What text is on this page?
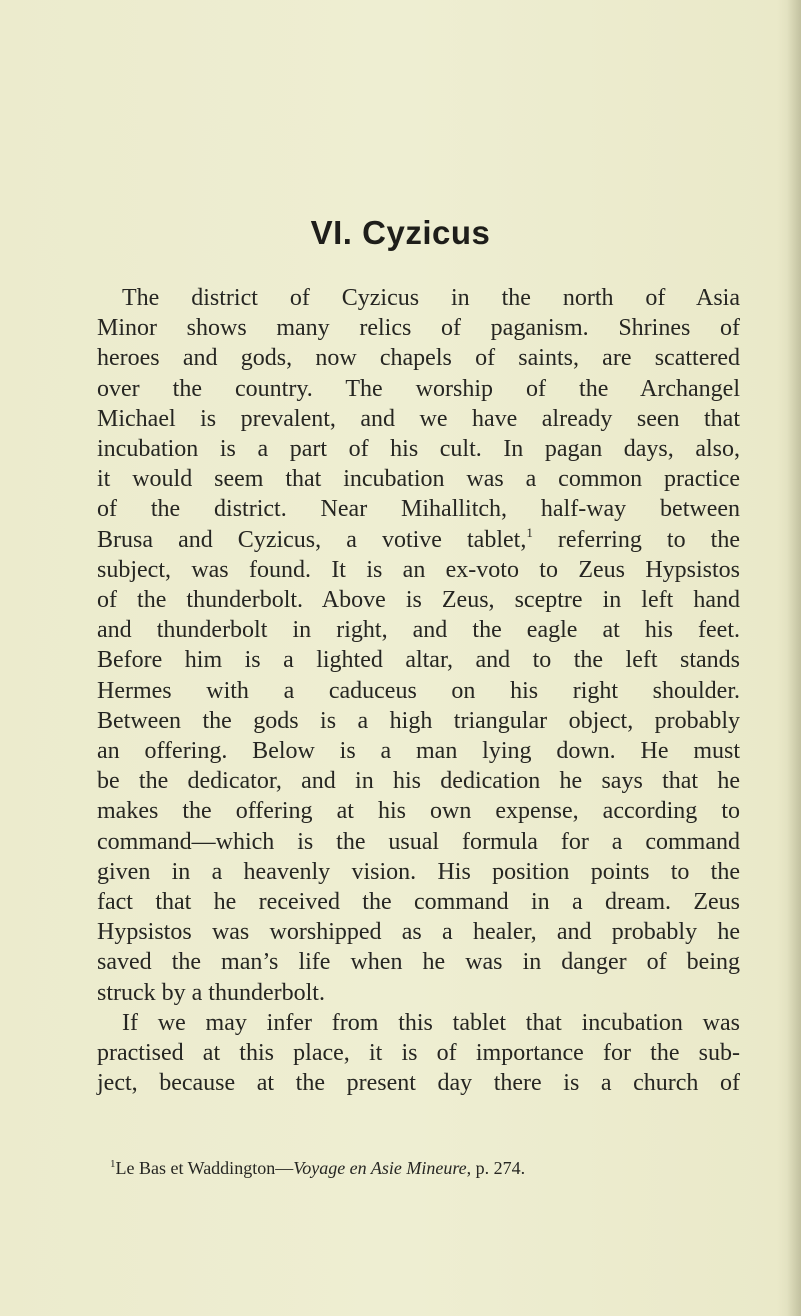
VI. Cyzicus
The district of Cyzicus in the north of Asia
Minor shows many relics of paganism. Shrines of
heroes and gods, now chapels of saints, are scattered
over the country. The worship of the Archangel
Michael is prevalent, and we have already seen that
incubation is a part of his cult. In pagan days, also,
it would seem that incubation was a common practice
of the district. Near Mihallitch, half-way between
Brusa and Cyzicus, a votive tablet,$^1$ referring to the
subject, was found. It is an ex-voto to Zeus Hypsistos
of the thunderbolt. Above is Zeus, sceptre in left hand
and thunderbolt in right, and the eagle at his feet.
Before him is a lighted altar, and to the left stands
Hermes with a caduceus on his right shoulder.
Between the gods is a high triangular object, probably
an offering. Below is a man lying down. He must
be the dedicator, and in his dedication he says that he
makes the offering at his own expense, according to
command—which is the usual formula for a command
given in a heavenly vision. His position points to the
fact that he received the command in a dream. Zeus
Hypsistos was worshipped as a healer, and probably he
saved the man’s life when he was in danger of being
struck by a thunderbolt.
If we may infer from this tablet that incubation was
practised at this place, it is of importance for the sub-
ject, because at the present day there is a church of

$^1$Le Bas et Waddington—Voyage en Asie Mineure, p. 274.
